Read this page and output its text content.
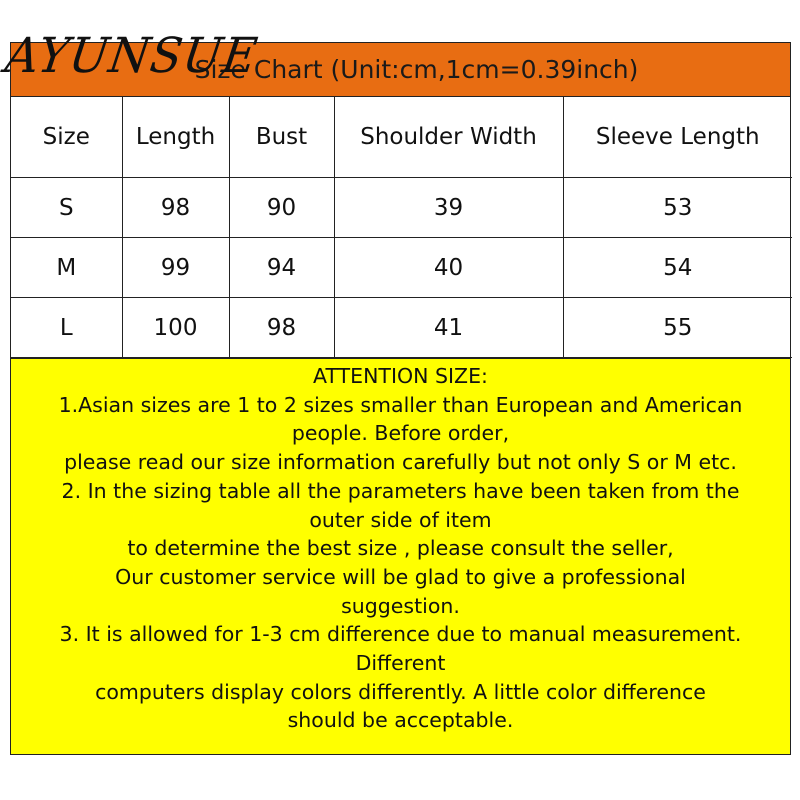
Size Chart (Unit:cm,1cm=0.39inch)
Size	Length	Bust	Shoulder Width	Sleeve Length
S	98	90	39	53
M	99	94	40	54
L	100	98	41	55
ATTENTION SIZE:
1.Asian sizes are 1 to 2 sizes smaller than European and American
people. Before order,
please read our size information carefully but not only S or M etc.
2. In the sizing table all the parameters have been taken from the
outer side of item
to determine the best size , please consult the seller,
Our customer service will be glad to give a professional
suggestion.
3. It is allowed for 1-3 cm difference due to manual measurement.
Different
computers display colors differently. A little color difference
should be acceptable.
AYUNSUE
